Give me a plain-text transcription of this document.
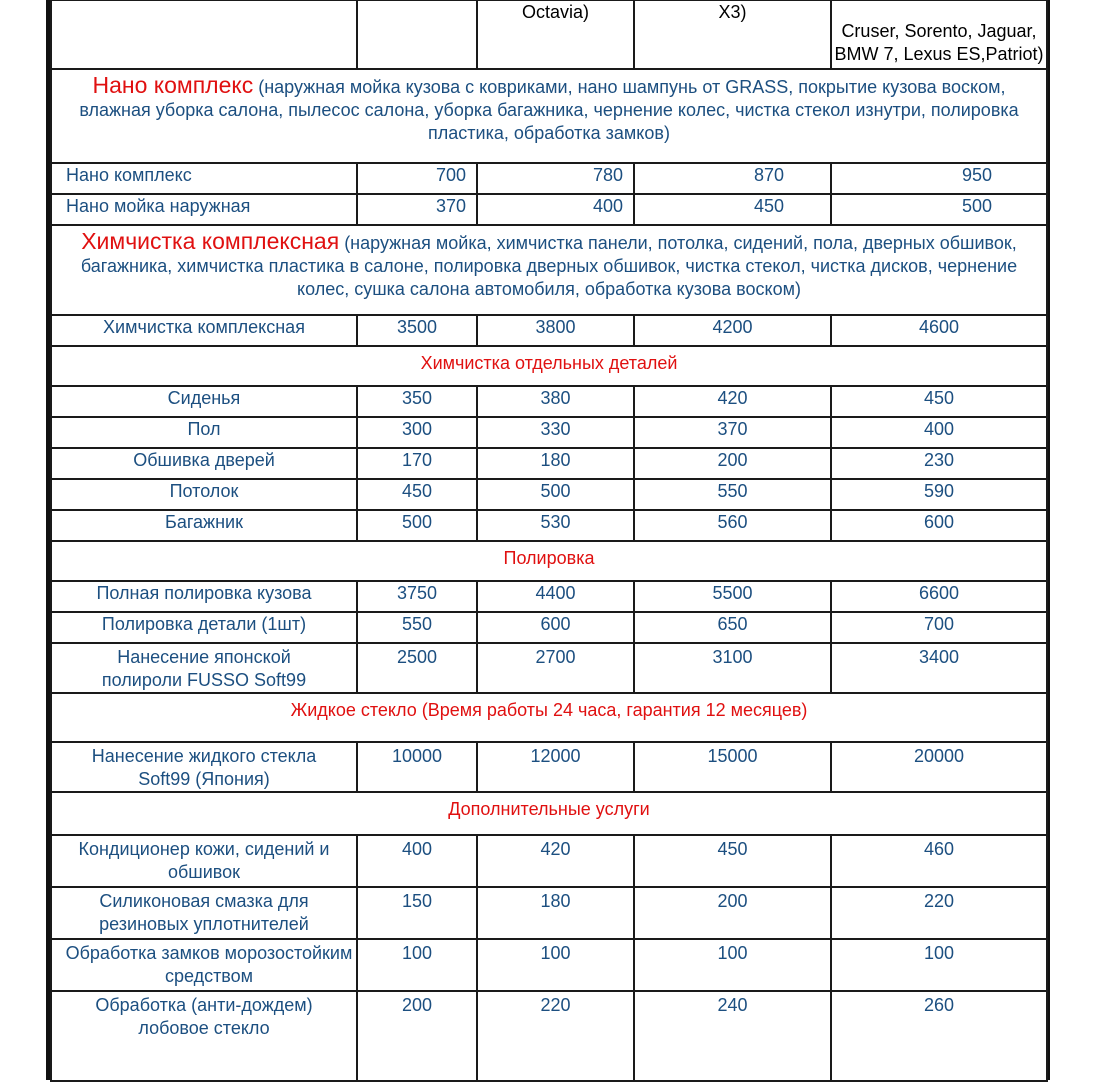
		Octavia)	X3)	Cruser, Sorento, Jaguar, BMW 7, Lexus ES,Patriot)
Нано комплекс (наружная мойка кузова с ковриками, нано шампунь от GRASS, покрытие кузова воском, влажная уборка салона, пылесос салона, уборка багажника, чернение колес, чистка стекол изнутри, полировка пластика, обработка замков)				
Нано комплекс	700	780	870	950
Нано мойка наружная	370	400	450	500
Химчистка комплексная (наружная мойка, химчистка панели, потолка, сидений, пола, дверных обшивок, багажника, химчистка пластика в салоне, полировка дверных обшивок, чистка стекол, чистка дисков, чернение колес, сушка салона автомобиля, обработка кузова воском)				
Химчистка комплексная	3500	3800	4200	4600
Химчистка отдельных деталей				
Сиденья	350	380	420	450
Пол	300	330	370	400
Обшивка дверей	170	180	200	230
Потолок	450	500	550	590
Багажник	500	530	560	600
Полировка				
Полная полировка кузова	3750	4400	5500	6600
Полировка детали (1шт)	550	600	650	700
Нанесение японской полироли FUSSO Soft99	2500	2700	3100	3400
Жидкое стекло (Время работы 24 часа, гарантия 12 месяцев)				
Нанесение жидкого стекла Soft99 (Япония)	10000	12000	15000	20000
Дополнительные услуги				
Кондиционер кожи, сидений и обшивок	400	420	450	460
Силиконовая смазка для резиновых уплотнителей	150	180	200	220
Обработка замков морозостойким средством	100	100	100	100
Обработка (анти-дождем) лобовое стекло	200	220	240	260
